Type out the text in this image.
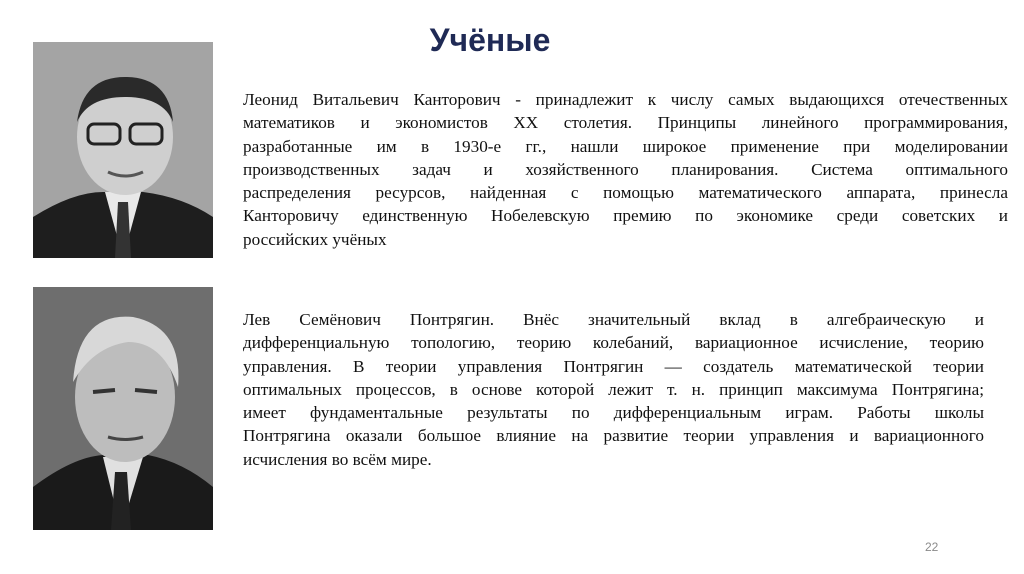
Учёные
Леонид Витальевич Канторович - принадлежит к числу самых выдающихся отечественных
математиков и экономистов XX столетия. Принципы линейного программирования,
разработанные им в 1930-е гг., нашли широкое применение при моделировании
производственных задач и хозяйственного планирования. Система оптимального
распределения ресурсов, найденная с помощью математического аппарата, принесла
Канторовичу единственную Нобелевскую премию по экономике среди советских и
российских учёных
Лев Семёнович Понтрягин. Внёс значительный вклад в алгебраическую и
дифференциальную топологию, теорию колебаний, вариационное исчисление, теорию
управления. В теории управления Понтрягин — создатель математической теории
оптимальных процессов, в основе которой лежит т. н. принцип максимума Понтрягина;
имеет фундаментальные результаты по дифференциальным играм. Работы школы
Понтрягина оказали большое влияние на развитие теории управления и вариационного
исчисления во всём мире.
22
